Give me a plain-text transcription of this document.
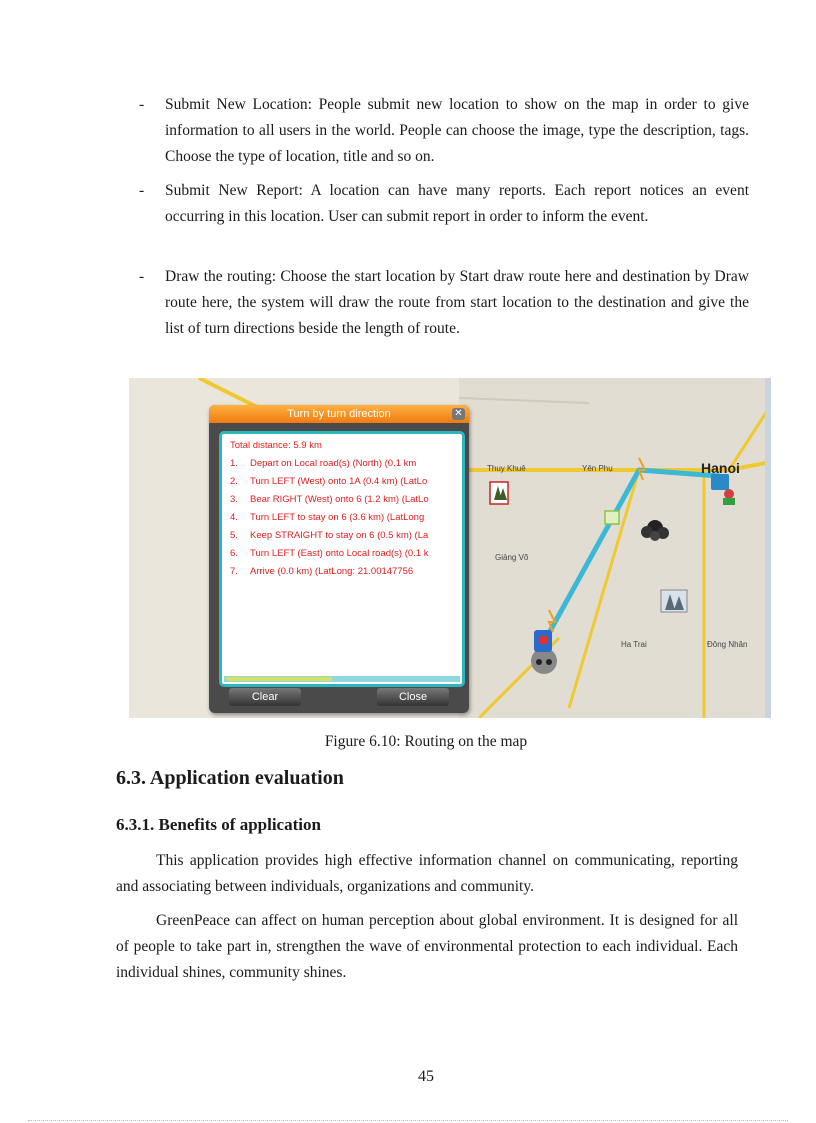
- Submit New Location: People submit new location to show on the map in order to give information to all users in the world. People can choose the image, type the description, tags. Choose the type of location, title and so on.
- Submit New Report: A location can have many reports. Each report notices an event occurring in this location. User can submit report in order to inform the event.
- Draw the routing: Choose the start location by Start draw route here and destination by Draw route here, the system will draw the route from start location to the destination and give the list of turn directions beside the length of route.
Thuy Khuê	Yên Phụ	Hanoi
Giảng Võ
Ha Trai	Đông Nhân
Turn by turn direction	✕
Total distance: 5.9 km
1. Depart on Local road(s) (North) (0.1 km
2. Turn LEFT (West) onto 1A (0.4 km) (LatLo
3. Bear RIGHT (West) onto 6 (1.2 km) (LatLo
4. Turn LEFT to stay on 6 (3.6 km) (LatLong
5. Keep STRAIGHT to stay on 6 (0.5 km) (La
6. Turn LEFT (East) onto Local road(s) (0.1 k
7. Arrive (0.0 km) (LatLong: 21.00147756
Clear	Close
Figure 6.10: Routing on the map
6.3. Application evaluation
6.3.1. Benefits of application
This application provides high effective information channel on communicating, reporting and associating between individuals, organizations and community.
GreenPeace can affect on human perception about global environment. It is designed for all of people to take part in, strengthen the wave of environmental protection to each individual. Each individual shines, community shines.
45
